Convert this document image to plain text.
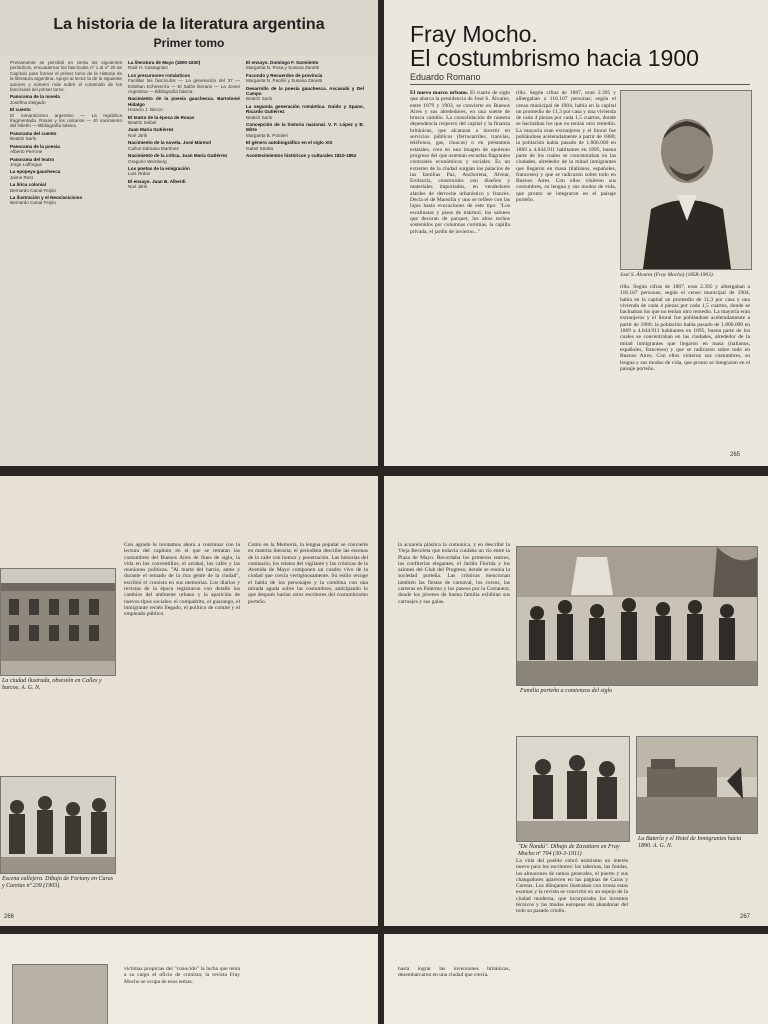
La historia de la literatura argentina
Primer tomo

Previamente se percibió en cierta los siguientes periódicos, encuadernar los fascículos nº 1 al nº 20 de Capítulo para formar el primer tomo de la Historia de la literatura argentina. Apoyo al lector la de la siguiente autores y número más sobre el contenido de los fascículos del primer tomo.

Panorama de la novela
Josefina Delgado

El cuento
El romanticismo argentino — La república fragmentada. Rosas y los unitarios — El nacimiento del folletín — Bibliografía básica.

Panorama del cuento
Beatriz Sarlo

Panorama de la poesía
Alberto Perrone

Panorama del teatro
Jorge Lafforgue

La epopeya gauchesca
Jaime Rest

La lírica colonial
Bernardo Canal Feijóo

La ilustración y el Neoclasicismo
Bernardo Canal Feijóo

La literatura de Mayo (1800-1830)
Raúl H. Castagnino

Los precursores románticos
Facilitar los fascículos — La generación del 37 — Esteban Echeverría — El Salón literario — La Joven Argentina — Bibliografía básica.

Nacimiento de la poesía gauchesca. Bartolomé Hidalgo
Horacio J. Becco

El teatro de la época de Rosas
Beatriz Seibel

Juan María Gutiérrez
Noé Jitrik

Nacimiento de la novela. José Mármol
Carlos Dámaso Martínez

Nacimiento de la crítica. Juan María Gutiérrez
Gregorio Weinberg

Los poetas de la emigración
Luis Ordaz

El ensayo. Juan B. Alberdi
Noé Jitrik

El ensayo. Domingo F. Sarmiento
Margarita N. Rosa y Susana Zanetti

Facundo y Recuerdos de provincia
Margarita N. Paolini y Susana Zanetti

Desarrollo de la poesía gauchesca. Ascasubi y Del Campo
Beatriz Sarlo

La segunda generación romántica. Guido y Spano, Ricardo Gutiérrez
Beatriz Sarlo

Concepción de la historia nacional. V. F. López y B. Mitre
Margarita B. Pontieri

El género autobiográfico en el siglo XIX
Isabel Stratta

Acontecimientos históricos y culturales 1810-1852

Fray Mocho.
El costumbrismo hacia 1900
Eduardo Romano
El nuevo marco urbano. El cuarto de siglo que abarca la presidencia de José S. Álvarez, entre 1879 y 1903, se convierte en Buenos Aires y sus alrededores, en una suerte de brusca cambio. La consolidación de nuestra dependencia respecto del capital y la finanza británicas, que alcanzan a invertir en servicios públicos (ferrocarriles, tranvías, teléfonos, gas, cloacas) o en préstamos estatales, crea en una imagen de opulento progreso del que ostentan escuelas flagrantes contrastes económicos y sociales. Es un extremo de la ciudad surgían los palacios de las familias Paz, Anchorena, Alvear, Errázuriz, construidos con diseños y materiales importados, en vendedores alardes de derroche urbanístico y francés. Decía el de Mansilla y uno se refiere con las lujos hasta evocaciones de este tipo: "Los escalinatas y pisos de mármol, los salones que decoran de parquet, los altos techos sostenidos por columnas corintias, la capilla privada, el jardín de invierno..."
rillo. Según cifras de 1887, eran 2.395 y albergaban a 116.167 personas; según el censo municipal de 1904, había en la capital un promedio de 11,3 por casa y una vivienda de cada 4 piezas por cada 1,5 cuartos, donde se hacinaban los que no tenían otro remedio. La mayoría eran extranjeros y el litoral fue poblándose aceleradamente a partir de 1880; la población había pasado de 1.806.000 en 1869 a 4.044.911 habitantes en 1895, buena parte de los cuales se concentraban en las ciudades, alrededor de la mitad inmigrantes que llegaron en masa (italianos, españoles, franceses) y que se radicaron sobre todo en Buenos Aires. Con ellos vinieron sus costumbres, su lengua y sus modos de vida, que pronto se integraron en el paisaje porteño.
José S. Álvarez (Fray Mocho) (1858-1903).
rillo. Según cifras de 1887, eran 2.395 y albergaban a 116.167 personas; según el censo municipal de 1904, había en la capital un promedio de 11,3 por casa y una vivienda de cada 4 piezas por cada 1,5 cuartos, donde se hacinaban los que no tenían otro remedio. La mayoría eran extranjeros y el litoral fue poblándose aceleradamente a partir de 1880; la población había pasado de 1.806.000 en 1869 a 4.044.911 habitantes en 1895, buena parte de los cuales se concentraban en las ciudades, alrededor de la mitad inmigrantes que llegaron en masa (italianos, españoles, franceses) y que se radicaron sobre todo en Buenos Aires. Con ellos vinieron sus costumbres, su lengua y sus modos de vida, que pronto se integraron en el paisaje porteño.
265
La ciudad ilustrada, obsesión en Calles y barcos. A. G. N.
Escena callejera. Dibujo de Fortuny en Caras y Caretas nº 239 (1903).
266
Con agrado le invitamos ahora a continuar con la lectura del capítulo en el que se retratan las costumbres del Buenos Aires de fines de siglo, la vida en los conventillos, el arrabal, los cafés y las reuniones políticas. "Al marte del barrio, antes y durante el reinado de la rica gente de la ciudad", escribió el cronista en sus memorias. Los diarios y revistas de la época registraron con detalle los cambios del ambiente urbano y la aparición de nuevos tipos sociales: el compadrito, el guarango, el inmigrante recién llegado, el político de comité y el empleado público.
Como en la Memoria, la lengua popular se convierte en materia literaria; el periodista describe las escenas de la calle con humor y penetración. Las historias del comisario, los relatos del vigilante y las crónicas de la Avenida de Mayo componen un cuadro vivo de la ciudad que crecía vertiginosamente. Su estilo recoge el habla de los personajes y la combina con una mirada aguda sobre las costumbres, anticipando lo que después harían otros escritores del costumbrismo porteño.
la acuarela plástica la comunica, y en describir la Vieja Recoleta que todavía cuidaba un río entre la Plaza de Mayo. Recordaba los primeros teatros, las confiterías elegantes, el Jardín Florida y los salones del Club del Progreso, donde se reunía la sociedad porteña. Las crónicas mencionan también las fiestas de carnaval, los corsos, las carreras en Palermo y los paseos por la Costanera, donde los jóvenes de buena familia exhibían sus carruajes y sus galas.
Familia porteña a comienzos del siglo
"De Ñandú". Dibujo de Zavattaro en Fray Mocho nº 704 (30-3-1911)
La Batería y el Hotel de Inmigrantes hacia 1890. A. G. N.
267
La vida del pueblo cobró asimismo un interés nuevo para los escritores: las tabernas, las fondas, los almacenes de ramos generales, el puerto y sus changadores aparecen en las páginas de Caras y Caretas. Los dibujantes ilustraban con ironía estas escenas y la revista se convirtió en un espejo de la ciudad moderna, que incorporaba los inventos técnicos y las modas europeas sin abandonar del todo su pasado criollo.
victimas propicias del "conocido" la lucha que tenía a su cargo el oficio de cronista; la revista Fray Mocho se ocupa de esos temas.
hasta lograr las inversiones británicas, desembarcaron en una ciudad que crecía.
